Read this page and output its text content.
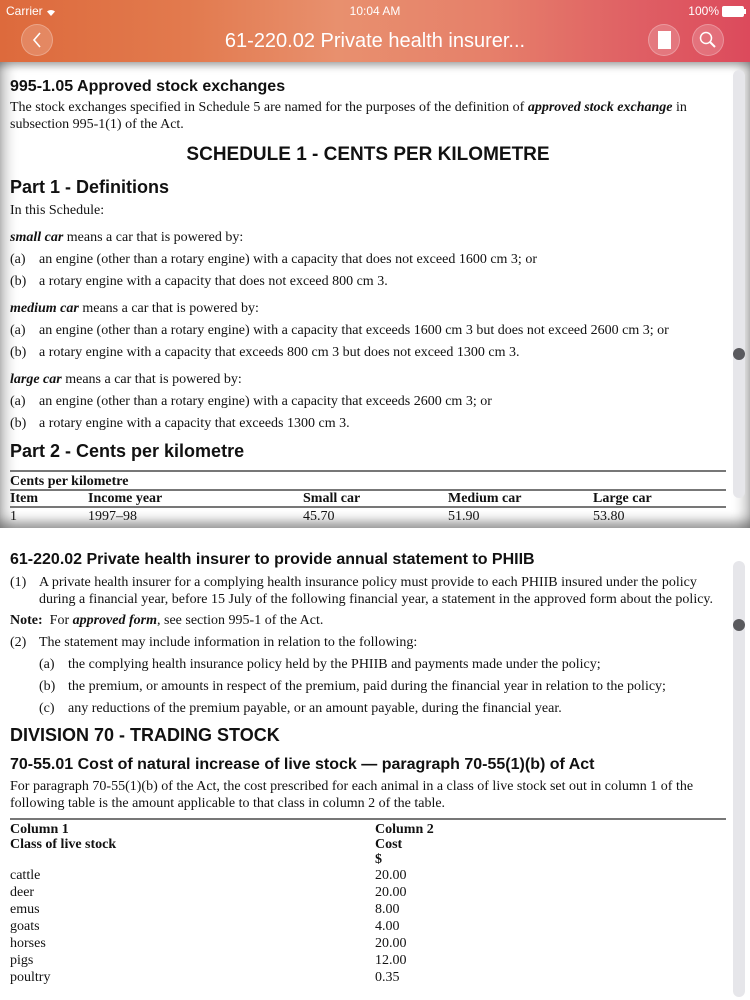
Carrier	10:04 AM	100%
61-220.02 Private health insurer...
995-1.05 Approved stock exchanges

The stock exchanges specified in Schedule 5 are named for the purposes of the definition of approved stock exchange in subsection 995-1(1) of the Act.

SCHEDULE 1 - CENTS PER KILOMETRE
Part 1 - Definitions

In this Schedule:

small car means a car that is powered by:

(a) an engine (other than a rotary engine) with a capacity that does not exceed 1600 cm 3; or
(b) a rotary engine with a capacity that does not exceed 800 cm 3.

medium car means a car that is powered by:

(a) an engine (other than a rotary engine) with a capacity that exceeds 1600 cm 3 but does not exceed 2600 cm 3; or
(b) a rotary engine with a capacity that exceeds 800 cm 3 but does not exceed 1300 cm 3.

large car means a car that is powered by:

(a) an engine (other than a rotary engine) with a capacity that exceeds 2600 cm 3; or
(b) a rotary engine with a capacity that exceeds 1300 cm 3.
Part 2 - Cents per kilometre
Cents per kilometre				
Item	Income year	Small car	Medium car	Large car
1	1997–98	45.70	51.90	53.80
61-220.02 Private health insurer to provide annual statement to PHIIB
(1) A private health insurer for a complying health insurance policy must provide to each PHIIB insured under the policy during a financial year, before 15 July of the following financial year, a statement in the approved form about the policy.

Note: For approved form, see section 995-1 of the Act.

(2) The statement may include information in relation to the following:
(a) the complying health insurance policy held by the PHIIB and payments made under the policy;
(b) the premium, or amounts in respect of the premium, paid during the financial year in relation to the policy;
(c) any reductions of the premium payable, or an amount payable, during the financial year.
DIVISION 70 - TRADING STOCK
70-55.01 Cost of natural increase of live stock — paragraph 70-55(1)(b) of Act

For paragraph 70-55(1)(b) of the Act, the cost prescribed for each animal in a class of live stock set out in column 1 of the following table is the amount applicable to that class in column 2 of the table.

Column 1	Column 2
Class of live stock	Cost
	$
cattle	20.00
deer	20.00
emus	8.00
goats	4.00
horses	20.00
pigs	12.00
poultry	0.35
